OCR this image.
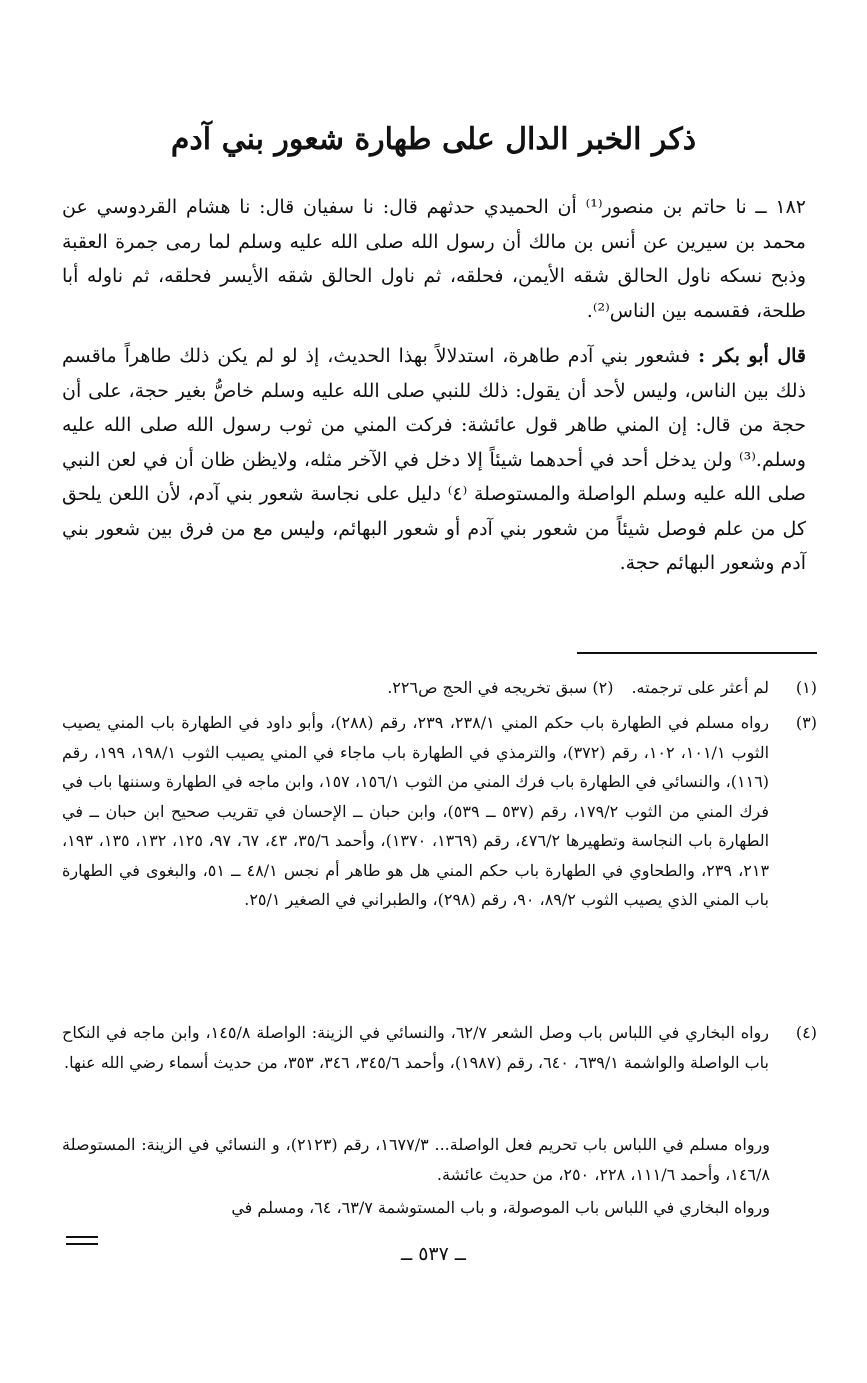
ذكر الخبر الدال على طهارة شعور بني آدم

١٨٢ ــ نا حاتم بن منصور⁽¹⁾ أن الحميدي حدثهم قال: نا سفيان قال: نا هشام القردوسي عن محمد بن سيرين عن أنس بن مالك أن رسول الله صلى الله عليه وسلم لما رمى جمرة العقبة وذبح نسكه ناول الحالق شقه الأيمن، فحلقه، ثم ناول الحالق شقه الأيسر فحلقه، ثم ناوله أبا طلحة، فقسمه بين الناس⁽²⁾.

قال أبو بكر : فشعور بني آدم طاهرة، استدلالاً بهذا الحديث، إذ لو لم يكن ذلك طاهراً ماقسم ذلك بين الناس، وليس لأحد أن يقول: ذلك للنبي صلى الله عليه وسلم خاصُّ بغير حجة، على أن حجة من قال: إن المني طاهر قول عائشة: فركت المني من ثوب رسول الله صلى الله عليه وسلم.⁽³⁾ ولن يدخل أحد في أحدهما شيئاً إلا دخل في الآخر مثله، ولايظن ظان أن في لعن النبي صلى الله عليه وسلم الواصلة والمستوصلة ⁽٤⁾ دليل على نجاسة شعور بني آدم، لأن اللعن يلحق كل من علم فوصل شيئاً من شعور بني آدم أو شعور البهائم، وليس مع من فرق بين شعور بني آدم وشعور البهائم حجة.

(١)
لم أعثر على ترجمته.(٢) سبق تخريجه في الحج ص٢٢٦.
(٣)
رواه مسلم في الطهارة باب حكم المني ٢٣٨/١، ٢٣٩، رقم (٢٨٨)، وأبو داود في الطهارة باب المني يصيب الثوب ١٠١/١، ١٠٢، رقم (٣٧٢)، والترمذي في الطهارة باب ماجاء في المني يصيب الثوب ١٩٨/١، ١٩٩، رقم (١١٦)، والنسائي في الطهارة باب فرك المني من الثوب ١٥٦/١، ١٥٧، وابن ماجه في الطهارة وسننها باب في فرك المني من الثوب ١٧٩/٢، رقم (٥٣٧ ــ ٥٣٩)، وابن حبان ــ الإحسان في تقريب صحيح ابن حبان ــ في الطهارة باب النجاسة وتطهيرها ٤٧٦/٢، رقم (١٣٦٩، ١٣٧٠)، وأحمد ٣٥/٦، ٤٣، ٦٧، ٩٧، ١٢٥، ١٣٢، ١٣٥، ١٩٣، ٢١٣، ٢٣٩، والطحاوي في الطهارة باب حكم المني هل هو طاهر أم نجس ٤٨/١ ــ ٥١، والبغوى في الطهارة باب المني الذي يصيب الثوب ٨٩/٢، ٩٠، رقم (٢٩٨)، والطبراني في الصغير ٢٥/١.
(٤)
رواه البخاري في اللباس باب وصل الشعر ٦٢/٧، والنسائي في الزينة: الواصلة ١٤٥/٨، وابن ماجه في النكاح باب الواصلة والواشمة ٦٣٩/١، ٦٤٠، رقم (١٩٨٧)، وأحمد ٣٤٥/٦، ٣٤٦، ٣٥٣، من حديث أسماء رضي الله عنها.

ورواه مسلم في اللباس باب تحريم فعل الواصلة... ١٦٧٧/٣، رقم (٢١٢٣)، و النسائي في الزينة: المستوصلة ١٤٦/٨، وأحمد ١١١/٦، ٢٢٨، ٢٥٠، من حديث عائشة.

ورواه البخاري في اللباس باب الموصولة، و باب المستوشمة ٦٣/٧، ٦٤، ومسلم في

ــ ٥٣٧ ــ
